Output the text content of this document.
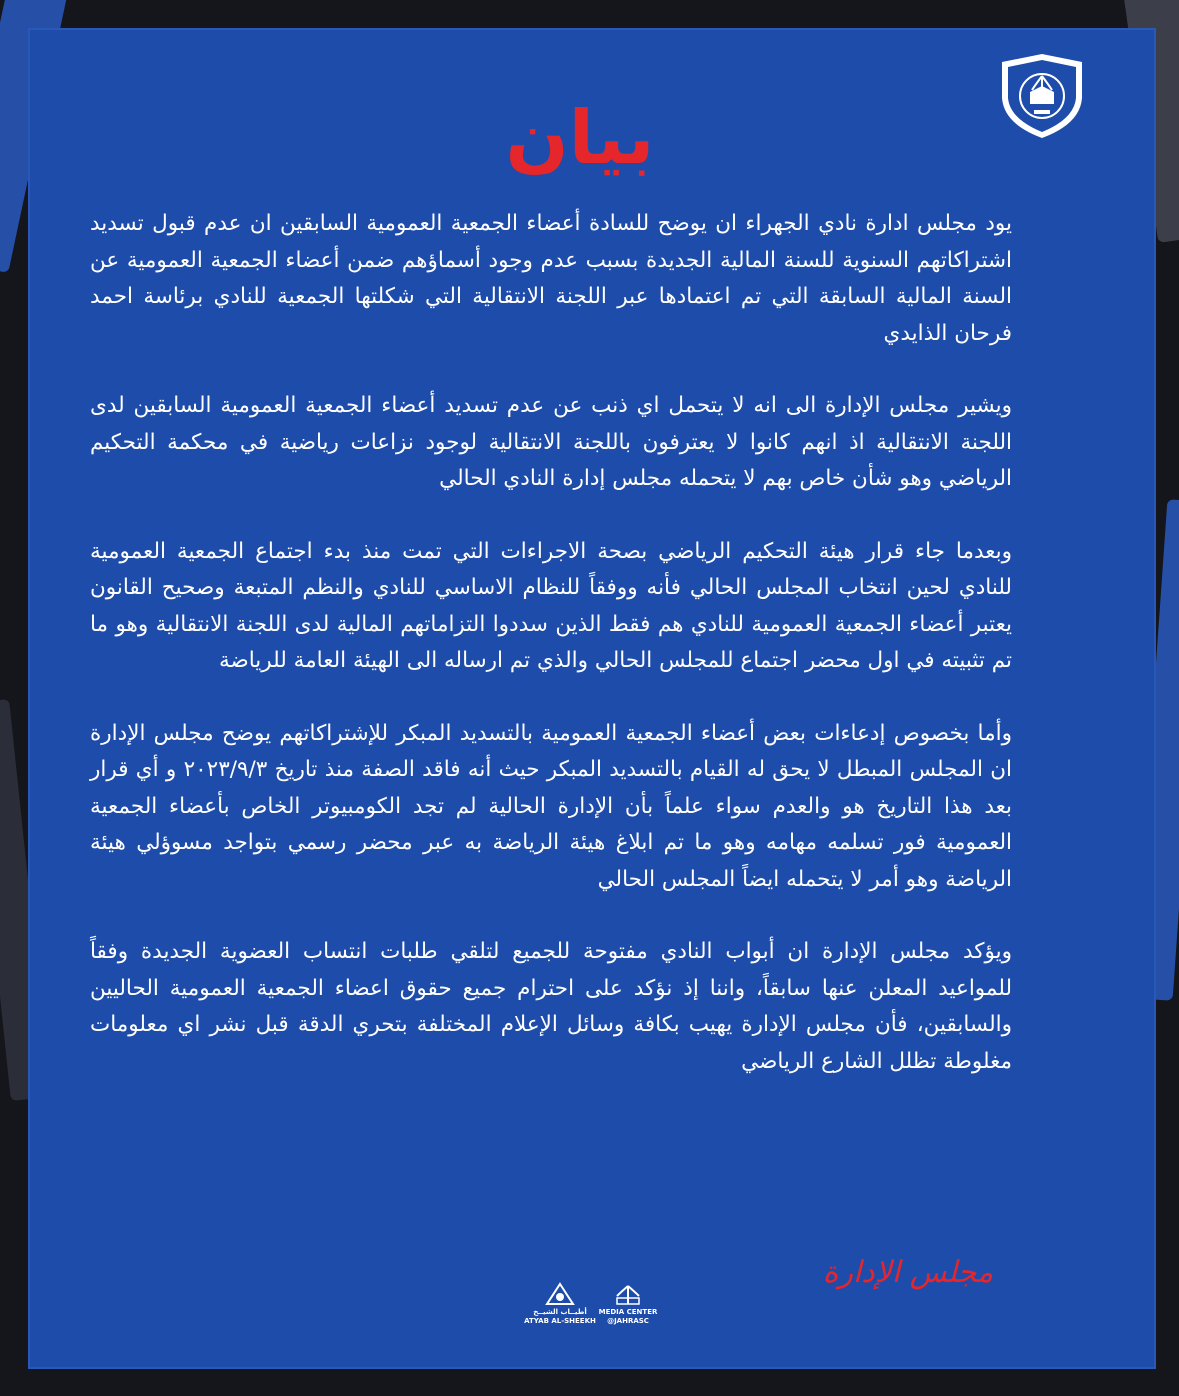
بيان

يود مجلس ادارة نادي الجهراء ان يوضح للسادة أعضاء الجمعية العمومية السابقين ان عدم قبول تسديد اشتراكاتهم السنوية للسنة المالية الجديدة بسبب عدم وجود أسماؤهم ضمن أعضاء الجمعية العمومية عن السنة المالية السابقة التي تم اعتمادها عبر اللجنة الانتقالية التي شكلتها الجمعية للنادي برئاسة احمد فرحان الذايدي

ويشير مجلس الإدارة الى انه لا يتحمل اي ذنب عن عدم تسديد أعضاء الجمعية العمومية السابقين لدى اللجنة الانتقالية اذ انهم كانوا لا يعترفون باللجنة الانتقالية لوجود نزاعات رياضية في محكمة التحكيم الرياضي وهو شأن خاص بهم لا يتحمله مجلس إدارة النادي الحالي

وبعدما جاء قرار هيئة التحكيم الرياضي بصحة الاجراءات التي تمت منذ بدء اجتماع الجمعية العمومية للنادي لحين انتخاب المجلس الحالي فأنه ووفقاً للنظام الاساسي للنادي والنظم المتبعة وصحيح القانون يعتبر أعضاء الجمعية العمومية للنادي هم فقط الذين سددوا التزاماتهم المالية لدى اللجنة الانتقالية وهو ما تم تثبيته في اول محضر اجتماع للمجلس الحالي والذي تم ارساله الى الهيئة العامة للرياضة

وأما بخصوص إدعاءات بعض أعضاء الجمعية العمومية بالتسديد المبكر للإشتراكاتهم يوضح مجلس الإدارة ان المجلس المبطل لا يحق له القيام بالتسديد المبكر حيث أنه فاقد الصفة منذ تاريخ ٢٠٢٣/٩/٣ و أي قرار بعد هذا التاريخ هو والعدم سواء علماً بأن الإدارة الحالية لم تجد الكومبيوتر الخاص بأعضاء الجمعية العمومية فور تسلمه مهامه وهو ما تم ابلاغ هيئة الرياضة به عبر محضر رسمي بتواجد مسوؤلي هيئة الرياضة وهو أمر لا يتحمله ايضاً المجلس الحالي

ويؤكد مجلس الإدارة ان أبواب النادي مفتوحة للجميع لتلقي طلبات انتساب العضوية الجديدة وفقاً للمواعيد المعلن عنها سابقاً، واننا إذ نؤكد على احترام جميع حقوق اعضاء الجمعية العمومية الحاليين والسابقين، فأن مجلس الإدارة يهيب بكافة وسائل الإعلام المختلفة بتحري الدقة قبل نشر اي معلومات مغلوطة تظلل الشارع الرياضي

مجلس الإدارة
أطيــاب الشيــخ
ATYAB AL-SHEEKH
MEDIA CENTER
@JAHRASC
